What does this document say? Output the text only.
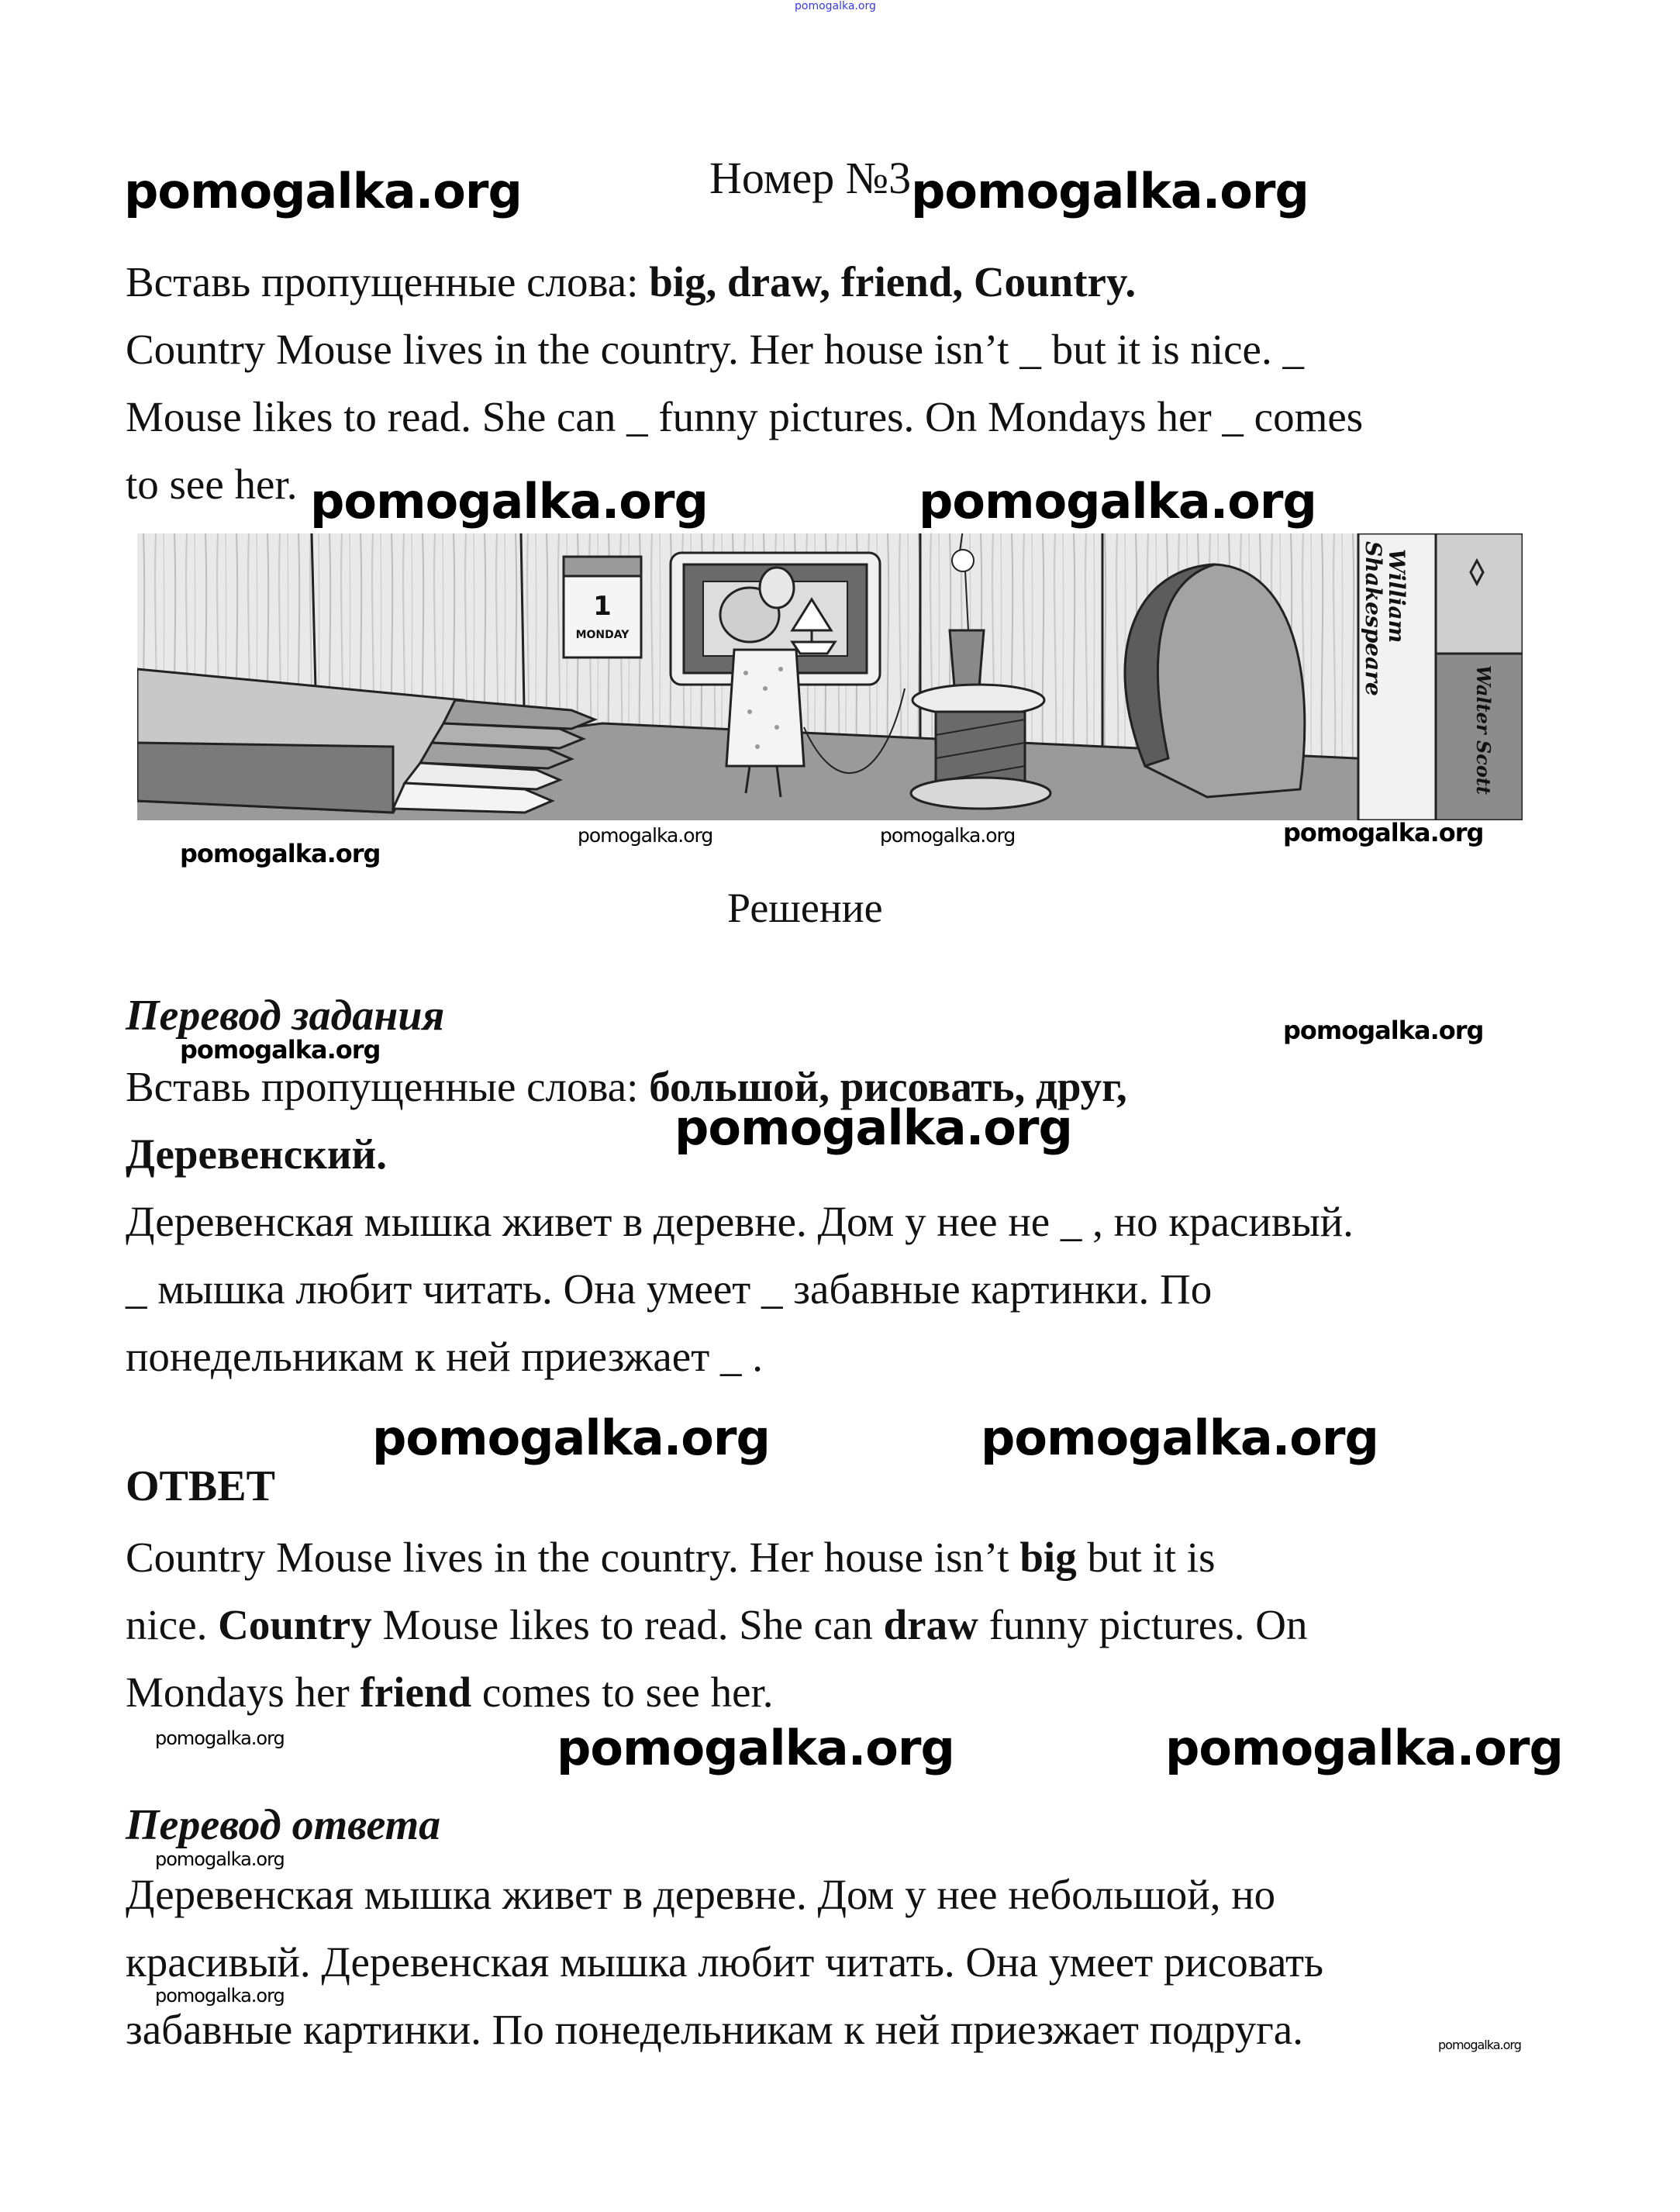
pomogalka.org
pomogalka.org	Номер №3 pomogalka.org
Вставь пропущенные слова: big, draw, friend, Country.
Country Mouse lives in the country. Her house isn’t _ but it is nice. _
Mouse likes to read. She can _ funny pictures. On Mondays her _ comes
to see her. pomogalka.org	pomogalka.org
1
MONDAY	William
Shakespeare
Walter Scott
pomogalka.org
pomogalka.org	pomogalka.org	pomogalka.org
Решение
Перевод задания	pomogalka.org
pomogalka.org
Вставь пропущенные слова: большой, рисовать, друг,
pomogalka.org
Деревенский.
Деревенская мышка живет в деревне. Дом у нее не _ , но красивый.
_ мышка любит читать. Она умеет _ забавные картинки. По
понедельникам к ней приезжает _ .
pomogalka.org	pomogalka.org
ОТВЕТ
Country Mouse lives in the country. Her house isn’t big but it is
nice. Country Mouse likes to read. She can draw funny pictures. On
Mondays her friend comes to see her.
pomogalka.org	pomogalka.org	pomogalka.org
Перевод ответа
pomogalka.org
Деревенская мышка живет в деревне. Дом у нее небольшой, но
красивый. Деревенская мышка любит читать. Она умеет рисовать
pomogalka.org
забавные картинки. По понедельникам к ней приезжает подруга.	pomogalka.org
